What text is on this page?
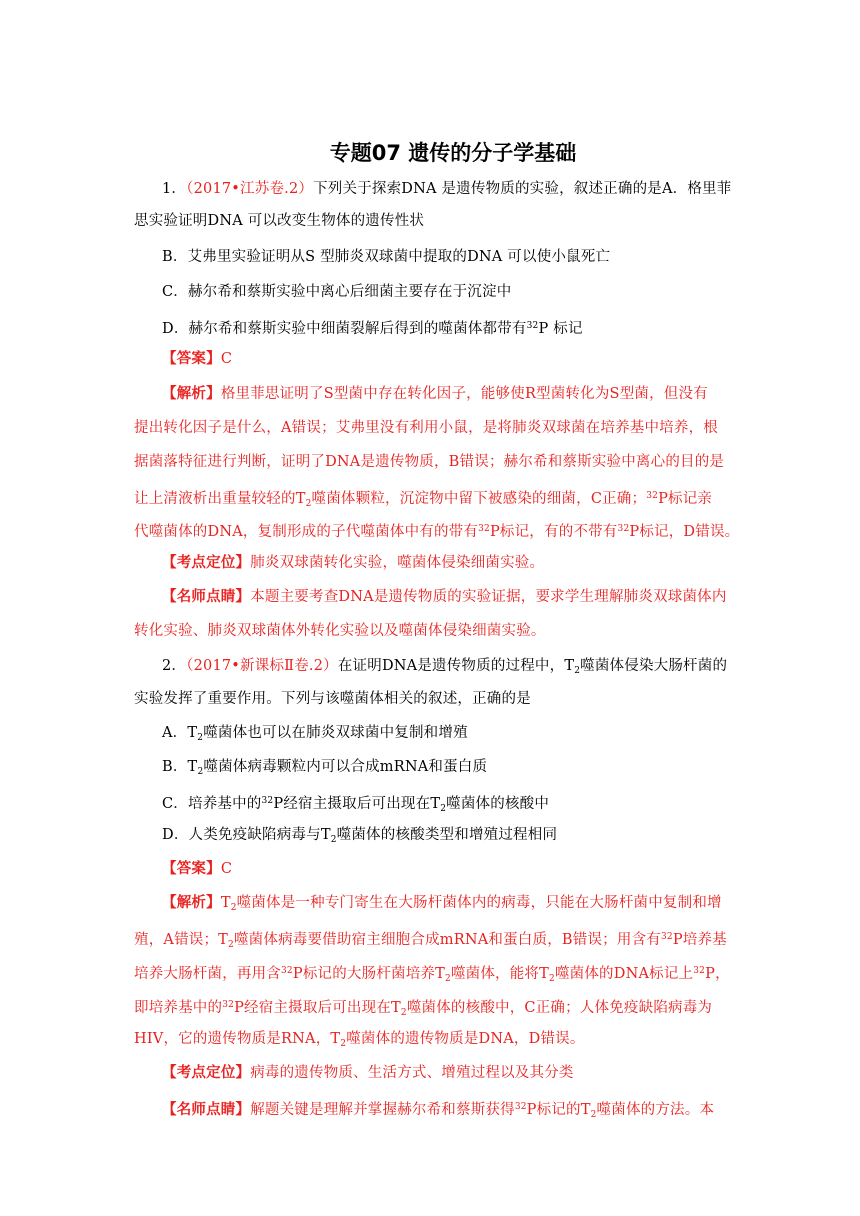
专题07 遗传的分子学基础
1．（2017•江苏卷.2）下列关于探索DNA 是遗传物质的实验，叙述正确的是A．格里菲
思实验证明DNA 可以改变生物体的遗传性状
B．艾弗里实验证明从S 型肺炎双球菌中提取的DNA 可以使小鼠死亡
C．赫尔希和蔡斯实验中离心后细菌主要存在于沉淀中
D．赫尔希和蔡斯实验中细菌裂解后得到的噬菌体都带有$^{32}$P 标记
【答案】C
【解析】格里菲思证明了S型菌中存在转化因子，能够使R型菌转化为S型菌，但没有
提出转化因子是什么，A错误；艾弗里没有利用小鼠，是将肺炎双球菌在培养基中培养，根
据菌落特征进行判断，证明了DNA是遗传物质，B错误；赫尔希和蔡斯实验中离心的目的是
让上清液析出重量较轻的$T_2$噬菌体颗粒，沉淀物中留下被感染的细菌，C正确；$^{32}$P标记亲
代噬菌体的DNA，复制形成的子代噬菌体中有的带有$^{32}$P标记，有的不带有$^{32}$P标记，D错误。
【考点定位】肺炎双球菌转化实验，噬菌体侵染细菌实验。
【名师点睛】本题主要考查DNA是遗传物质的实验证据，要求学生理解肺炎双球菌体内
转化实验、肺炎双球菌体外转化实验以及噬菌体侵染细菌实验。
2．（2017•新课标Ⅱ卷.2）在证明DNA是遗传物质的过程中，$T_2$噬菌体侵染大肠杆菌的
实验发挥了重要作用。下列与该噬菌体相关的叙述，正确的是
A．$T_2$噬菌体也可以在肺炎双球菌中复制和增殖
B．$T_2$噬菌体病毒颗粒内可以合成mRNA和蛋白质
C．培养基中的$^{32}$P经宿主摄取后可出现在$T_2$噬菌体的核酸中
D．人类免疫缺陷病毒与$T_2$噬菌体的核酸类型和增殖过程相同
【答案】C
【解析】$T_2$噬菌体是一种专门寄生在大肠杆菌体内的病毒，只能在大肠杆菌中复制和增
殖，A错误；$T_2$噬菌体病毒要借助宿主细胞合成mRNA和蛋白质，B错误；用含有$^{32}$P培养基
培养大肠杆菌，再用含$^{32}$P标记的大肠杆菌培养$T_2$噬菌体，能将$T_2$噬菌体的DNA标记上$^{32}$P，
即培养基中的$^{32}$P经宿主摄取后可出现在$T_2$噬菌体的核酸中，C正确；人体免疫缺陷病毒为
HIV，它的遗传物质是RNA，$T_2$噬菌体的遗传物质是DNA，D错误。
【考点定位】病毒的遗传物质、生活方式、增殖过程以及其分类
【名师点睛】解题关键是理解并掌握赫尔希和蔡斯获得$^{32}$P标记的$T_2$噬菌体的方法。本
